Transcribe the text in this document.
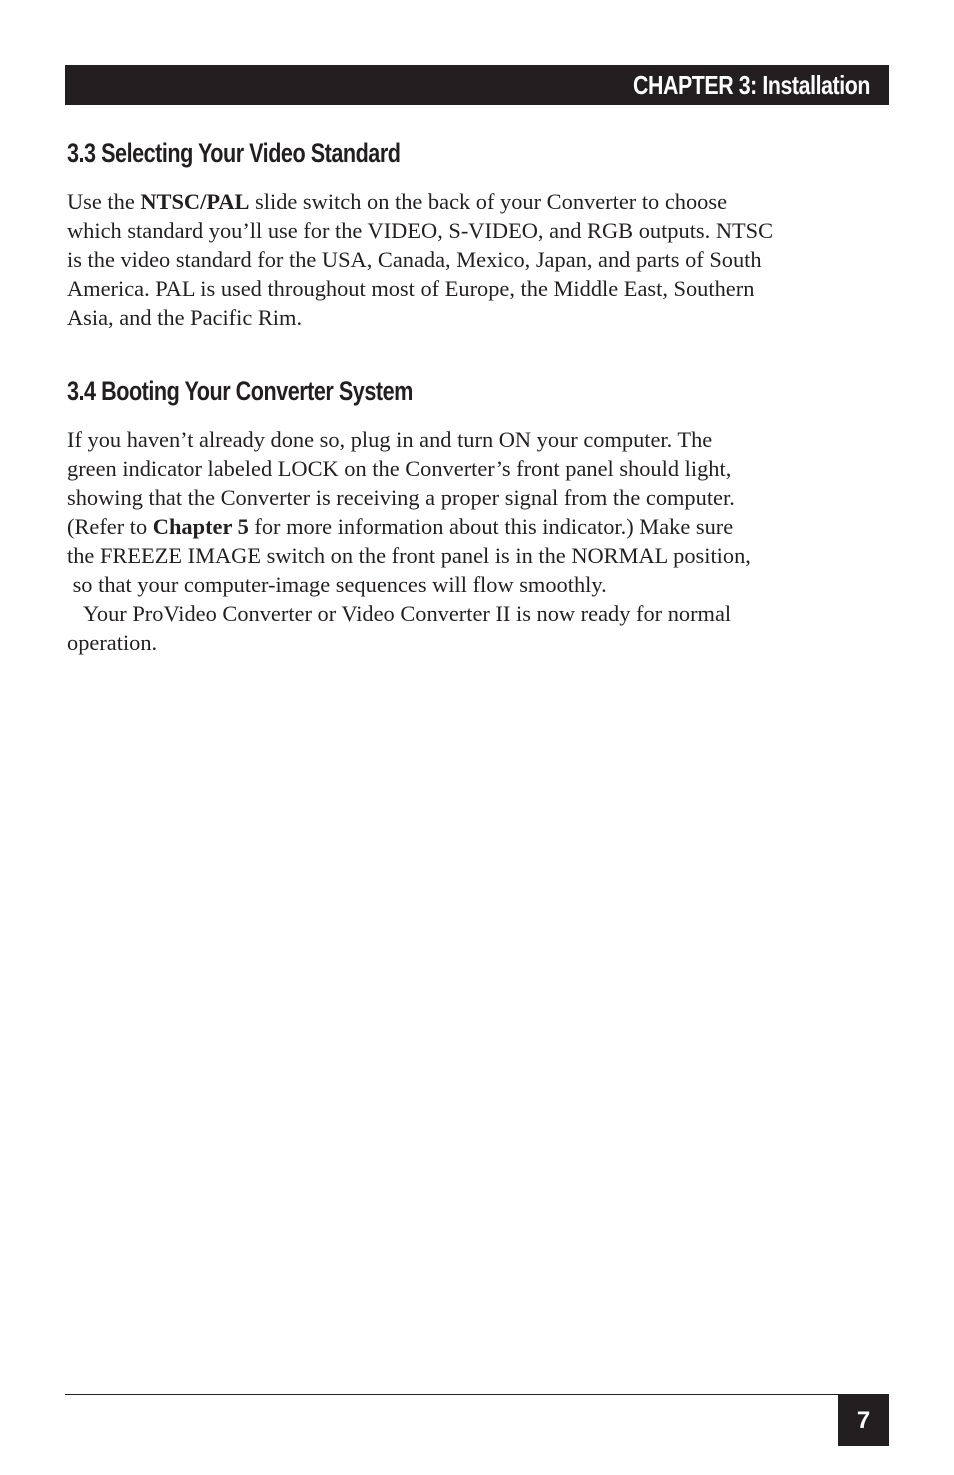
CHAPTER 3: Installation
3.3 Selecting Your Video Standard

Use the NTSC/PAL slide switch on the back of your Converter to choose
which standard you’ll use for the VIDEO, S-VIDEO, and RGB outputs. NTSC
is the video standard for the USA, Canada, Mexico, Japan, and parts of South
America. PAL is used throughout most of Europe, the Middle East, Southern
Asia, and the Pacific Rim.

3.4 Booting Your Converter System

If you haven’t already done so, plug in and turn ON your computer. The
green indicator labeled LOCK on the Converter’s front panel should light,
showing that the Converter is receiving a proper signal from the computer.
(Refer to Chapter 5 for more information about this indicator.) Make sure
the FREEZE IMAGE switch on the front panel is in the NORMAL position,
so that your computer-image sequences will flow smoothly.

Your ProVideo Converter or Video Converter II is now ready for normal
operation.

7
